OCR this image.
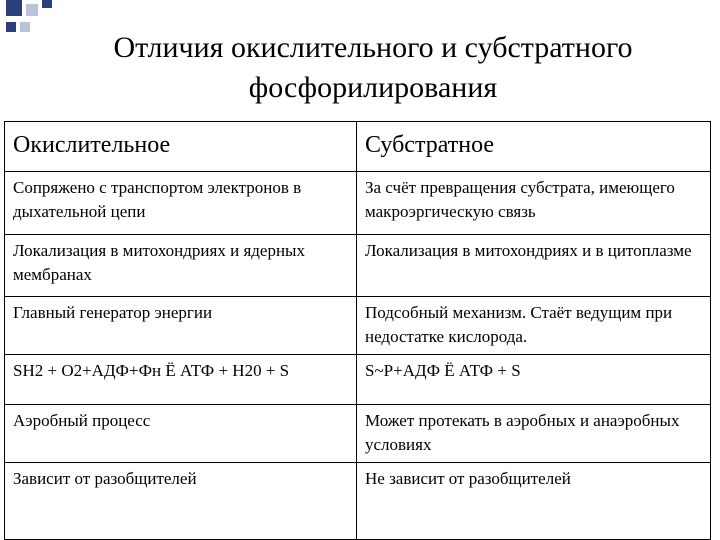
Отличия окислительного и субстратного
фосфорилирования
Окислительное	Субстратное
Сопряжено с транспортом электронов в дыхательной цепи	За счёт превращения субстрата, имеющего макроэргическую связь
Локализация в митохондриях и ядерных мембранах	Локализация в митохондриях и в цитоплазме
Главный генератор энергии	Подсобный механизм. Стаёт ведущим при недостатке кислорода.
SH2 + O2+АДФ+Фн Ё АТФ + H20 + S	S~P+АДФ Ё АТФ + S
Аэробный процесс	Может протекать в аэробных и анаэробных условиях
Зависит от разобщителей	Не зависит от разобщителей
